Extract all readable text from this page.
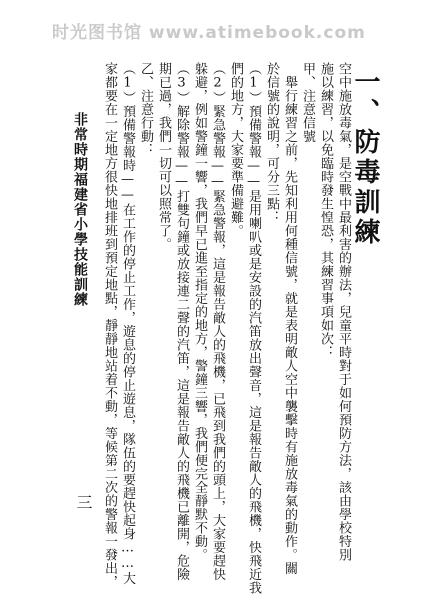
时光图书馆 www.atimebook.com
一、防毒訓練
空中施放毒氣，是空戰中最利害的辦法，兒童平時對于如何預防方法，該由學校特別
施以練習，以免臨時發生惶恐，其練習事項如次：
甲、注意信號
　舉行練習之前，先知利用何種信號，就是表明敵人空中襲擊時有施放毒氣的動作。關
於信號的說明，可分三點：
（1）預備警報——是用喇叭或是安設的汽笛放出聲音，這是報告敵人的飛機，快飛近我
們的地方，大家要準備避難。
（2）緊急警報——緊急警報，這是報告敵人的飛機，已飛到我們的頭上，大家要趕快
躲避，例如警鐘一響，我們早已進至指定的地方，警鐘三響，我們便完全靜默不動。
（3）解除警報——打雙句鐘或放接連二聲的汽笛，這是報告敵人的飛機已離開，危險
期已過，我們一切可以照常了。
乙、注意行動：
（1）預備警報時——在工作的停止工作，遊息的停止遊息，隊伍的要趕快起身……大
家都要在一定地方很快地排班到預定地點，靜靜地站着不動，等候第二次的警報一發出，
非常時期福建省小學技能訓練
三
